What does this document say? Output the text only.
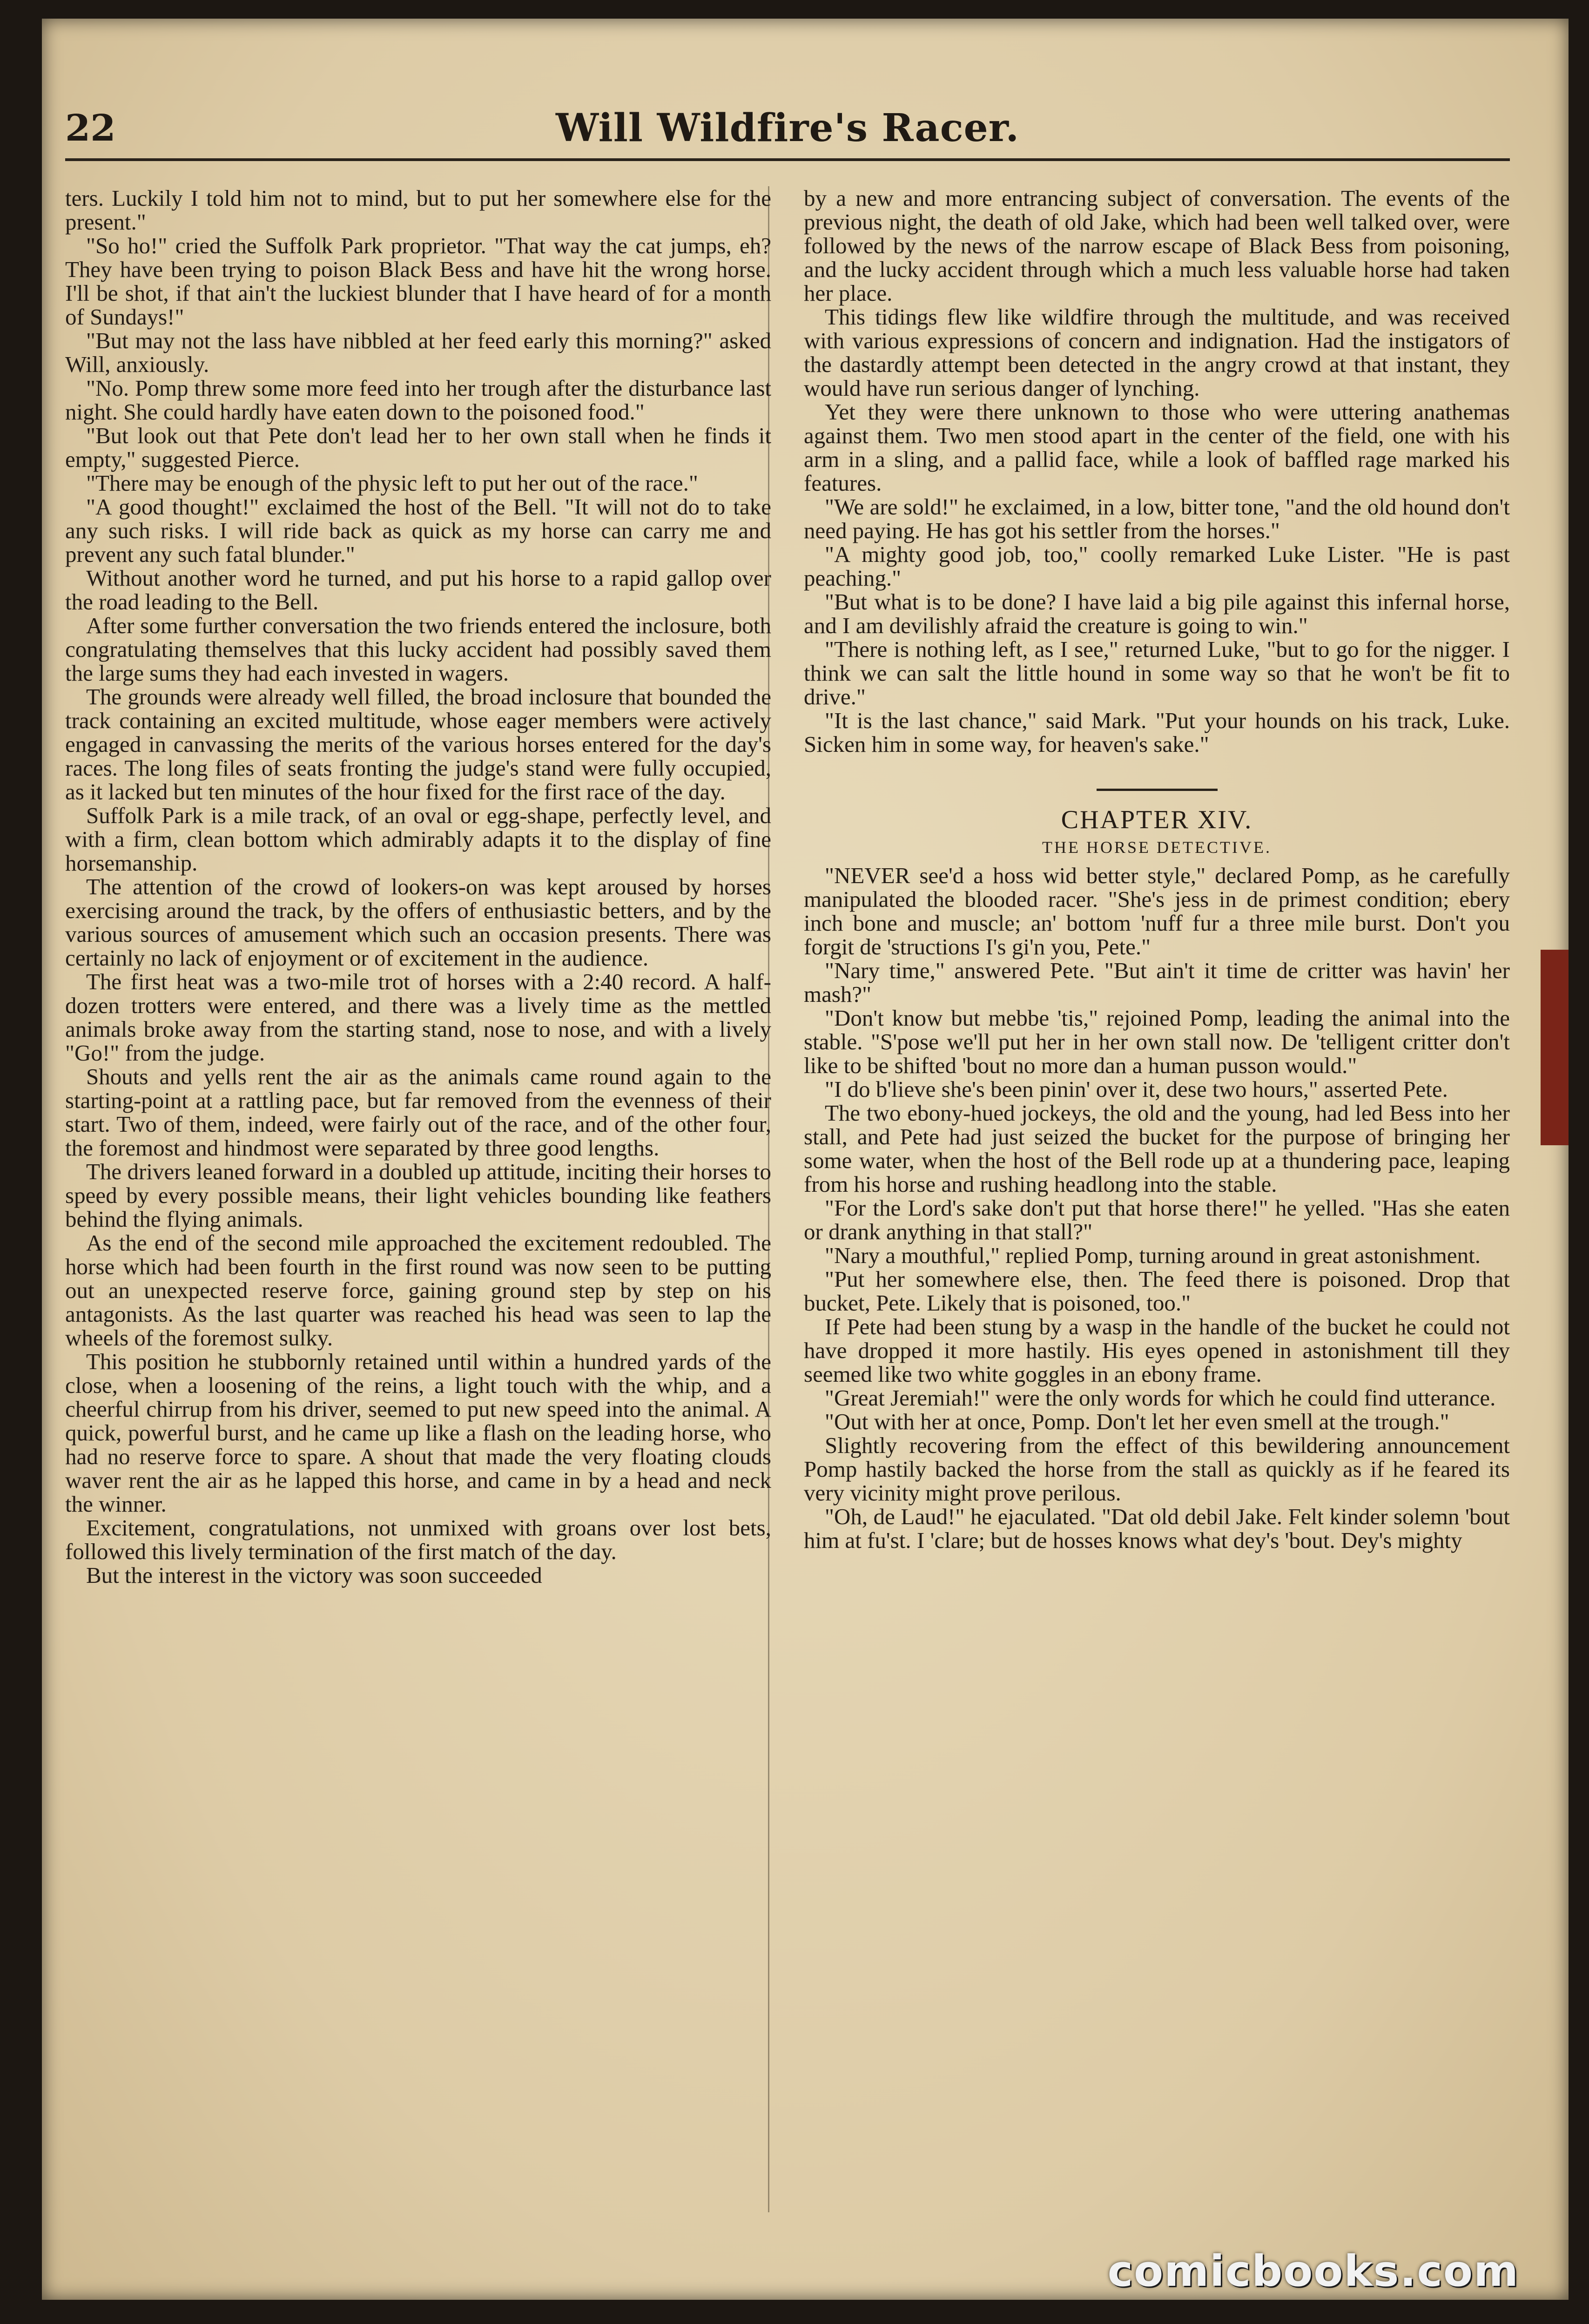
22	Will Wildfire's Racer.

ters. Luckily I told him not to mind, but to put her somewhere else for the present."

"So ho!" cried the Suffolk Park proprietor. "That way the cat jumps, eh? They have been trying to poison Black Bess and have hit the wrong horse. I'll be shot, if that ain't the luckiest blunder that I have heard of for a month of Sundays!"

"But may not the lass have nibbled at her feed early this morning?" asked Will, anxiously.

"No. Pomp threw some more feed into her trough after the disturbance last night. She could hardly have eaten down to the poisoned food."

"But look out that Pete don't lead her to her own stall when he finds it empty," suggested Pierce.

"There may be enough of the physic left to put her out of the race."

"A good thought!" exclaimed the host of the Bell. "It will not do to take any such risks. I will ride back as quick as my horse can carry me and prevent any such fatal blunder."

Without another word he turned, and put his horse to a rapid gallop over the road leading to the Bell.

After some further conversation the two friends entered the inclosure, both congratulating themselves that this lucky accident had possibly saved them the large sums they had each invested in wagers.

The grounds were already well filled, the broad inclosure that bounded the track containing an excited multitude, whose eager members were actively engaged in canvassing the merits of the various horses entered for the day's races. The long files of seats fronting the judge's stand were fully occupied, as it lacked but ten minutes of the hour fixed for the first race of the day.

Suffolk Park is a mile track, of an oval or egg-shape, perfectly level, and with a firm, clean bottom which admirably adapts it to the display of fine horsemanship.

The attention of the crowd of lookers-on was kept aroused by horses exercising around the track, by the offers of enthusiastic betters, and by the various sources of amusement which such an occasion presents. There was certainly no lack of enjoyment or of excitement in the audience.

The first heat was a two-mile trot of horses with a 2:40 record. A half-dozen trotters were entered, and there was a lively time as the mettled animals broke away from the starting stand, nose to nose, and with a lively "Go!" from the judge.

Shouts and yells rent the air as the animals came round again to the starting-point at a rattling pace, but far removed from the evenness of their start. Two of them, indeed, were fairly out of the race, and of the other four, the foremost and hindmost were separated by three good lengths.

The drivers leaned forward in a doubled up attitude, inciting their horses to speed by every possible means, their light vehicles bounding like feathers behind the flying animals.

As the end of the second mile approached the excitement redoubled. The horse which had been fourth in the first round was now seen to be putting out an unexpected reserve force, gaining ground step by step on his antagonists. As the last quarter was reached his head was seen to lap the wheels of the foremost sulky.

This position he stubbornly retained until within a hundred yards of the close, when a loosening of the reins, a light touch with the whip, and a cheerful chirrup from his driver, seemed to put new speed into the animal. A quick, powerful burst, and he came up like a flash on the leading horse, who had no reserve force to spare. A shout that made the very floating clouds waver rent the air as he lapped this horse, and came in by a head and neck the winner.

Excitement, congratulations, not unmixed with groans over lost bets, followed this lively termination of the first match of the day.

But the interest in the victory was soon succeeded

by a new and more entrancing subject of conversation. The events of the previous night, the death of old Jake, which had been well talked over, were followed by the news of the narrow escape of Black Bess from poisoning, and the lucky accident through which a much less valuable horse had taken her place.

This tidings flew like wildfire through the multitude, and was received with various expressions of concern and indignation. Had the instigators of the dastardly attempt been detected in the angry crowd at that instant, they would have run serious danger of lynching.

Yet they were there unknown to those who were uttering anathemas against them. Two men stood apart in the center of the field, one with his arm in a sling, and a pallid face, while a look of baffled rage marked his features.

"We are sold!" he exclaimed, in a low, bitter tone, "and the old hound don't need paying. He has got his settler from the horses."

"A mighty good job, too," coolly remarked Luke Lister. "He is past peaching."

"But what is to be done? I have laid a big pile against this infernal horse, and I am devilishly afraid the creature is going to win."

"There is nothing left, as I see," returned Luke, "but to go for the nigger. I think we can salt the little hound in some way so that he won't be fit to drive."

"It is the last chance," said Mark. "Put your hounds on his track, Luke. Sicken him in some way, for heaven's sake."

CHAPTER XIV.
THE HORSE DETECTIVE.

"NEVER see'd a hoss wid better style," declared Pomp, as he carefully manipulated the blooded racer. "She's jess in de primest condition; ebery inch bone and muscle; an' bottom 'nuff fur a three mile burst. Don't you forgit de 'structions I's gi'n you, Pete."

"Nary time," answered Pete. "But ain't it time de critter was havin' her mash?"

"Don't know but mebbe 'tis," rejoined Pomp, leading the animal into the stable. "S'pose we'll put her in her own stall now. De 'telligent critter don't like to be shifted 'bout no more dan a human pusson would."

"I do b'lieve she's been pinin' over it, dese two hours," asserted Pete.

The two ebony-hued jockeys, the old and the young, had led Bess into her stall, and Pete had just seized the bucket for the purpose of bringing her some water, when the host of the Bell rode up at a thundering pace, leaping from his horse and rushing headlong into the stable.

"For the Lord's sake don't put that horse there!" he yelled. "Has she eaten or drank anything in that stall?"

"Nary a mouthful," replied Pomp, turning around in great astonishment.

"Put her somewhere else, then. The feed there is poisoned. Drop that bucket, Pete. Likely that is poisoned, too."

If Pete had been stung by a wasp in the handle of the bucket he could not have dropped it more hastily. His eyes opened in astonishment till they seemed like two white goggles in an ebony frame.

"Great Jeremiah!" were the only words for which he could find utterance.

"Out with her at once, Pomp. Don't let her even smell at the trough."

Slightly recovering from the effect of this bewildering announcement Pomp hastily backed the horse from the stall as quickly as if he feared its very vicinity might prove perilous.

"Oh, de Laud!" he ejaculated. "Dat old debil Jake. Felt kinder solemn 'bout him at fu'st. I 'clare; but de hosses knows what dey's 'bout. Dey's mighty

comicbooks.com
